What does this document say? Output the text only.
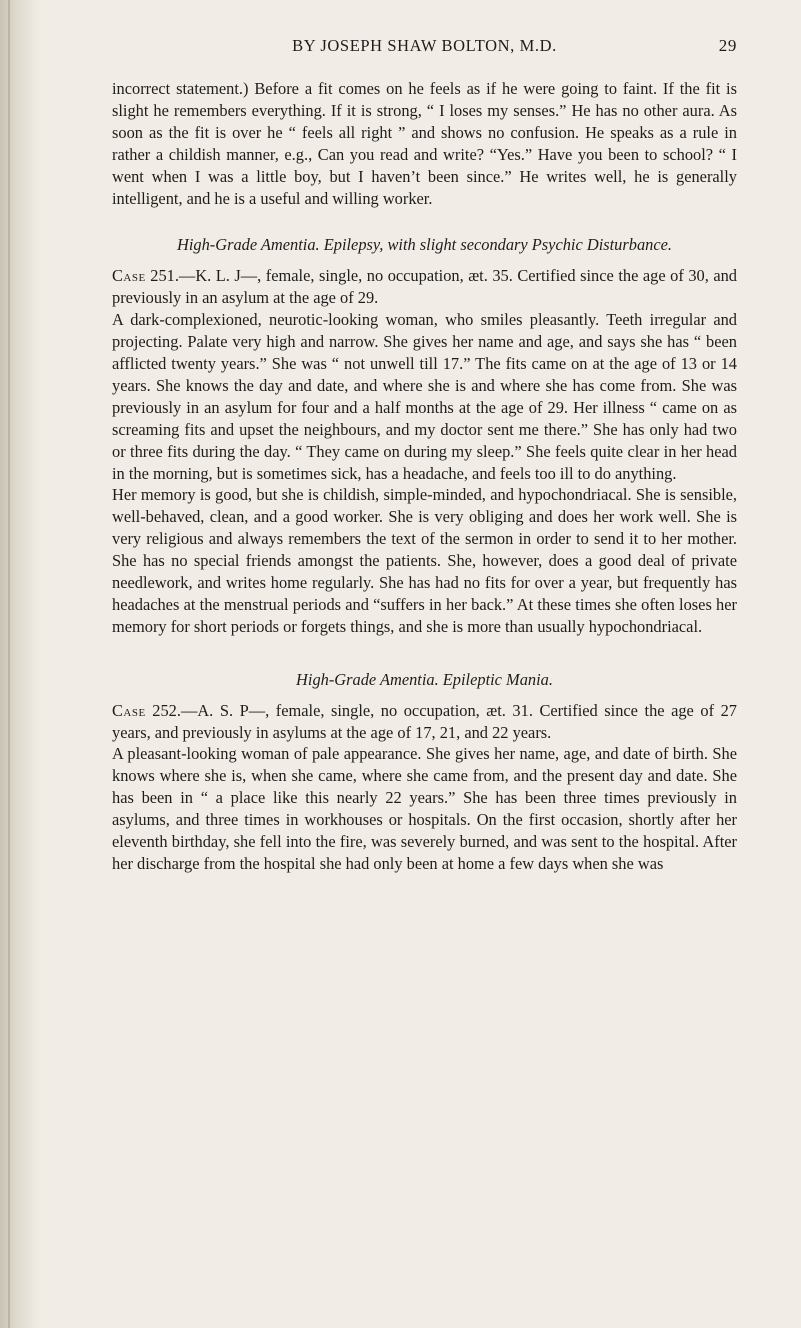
BY JOSEPH SHAW BOLTON, M.D.	29

incorrect statement.) Before a fit comes on he feels as if he were going to faint. If the fit is slight he remembers everything. If it is strong, “ I loses my senses.” He has no other aura. As soon as the fit is over he “ feels all right ” and shows no confusion. He speaks as a rule in rather a childish manner, e.g., Can you read and write? “Yes.” Have you been to school? “ I went when I was a little boy, but I haven’t been since.” He writes well, he is generally intelligent, and he is a useful and willing worker.

High-Grade Amentia. Epilepsy, with slight secondary Psychic Disturbance.

Case 251.—K. L. J—, female, single, no occupation, æt. 35. Certified since the age of 30, and previously in an asylum at the age of 29.

A dark-complexioned, neurotic-looking woman, who smiles pleasantly. Teeth irregular and projecting. Palate very high and narrow. She gives her name and age, and says she has “ been afflicted twenty years.” She was “ not unwell till 17.” The fits came on at the age of 13 or 14 years. She knows the day and date, and where she is and where she has come from. She was previously in an asylum for four and a half months at the age of 29. Her illness “ came on as screaming fits and upset the neighbours, and my doctor sent me there.” She has only had two or three fits during the day. “ They came on during my sleep.” She feels quite clear in her head in the morning, but is sometimes sick, has a headache, and feels too ill to do anything.

Her memory is good, but she is childish, simple-minded, and hypochondriacal. She is sensible, well-behaved, clean, and a good worker. She is very obliging and does her work well. She is very religious and always remembers the text of the sermon in order to send it to her mother. She has no special friends amongst the patients. She, however, does a good deal of private needlework, and writes home regularly. She has had no fits for over a year, but frequently has headaches at the menstrual periods and “suffers in her back.” At these times she often loses her memory for short periods or forgets things, and she is more than usually hypochondriacal.

High-Grade Amentia. Epileptic Mania.

Case 252.—A. S. P—, female, single, no occupation, æt. 31. Certified since the age of 27 years, and previously in asylums at the age of 17, 21, and 22 years.

A pleasant-looking woman of pale appearance. She gives her name, age, and date of birth. She knows where she is, when she came, where she came from, and the present day and date. She has been in “ a place like this nearly 22 years.” She has been three times previously in asylums, and three times in workhouses or hospitals. On the first occasion, shortly after her eleventh birthday, she fell into the fire, was severely burned, and was sent to the hospital. After her discharge from the hospital she had only been at home a few days when she was
